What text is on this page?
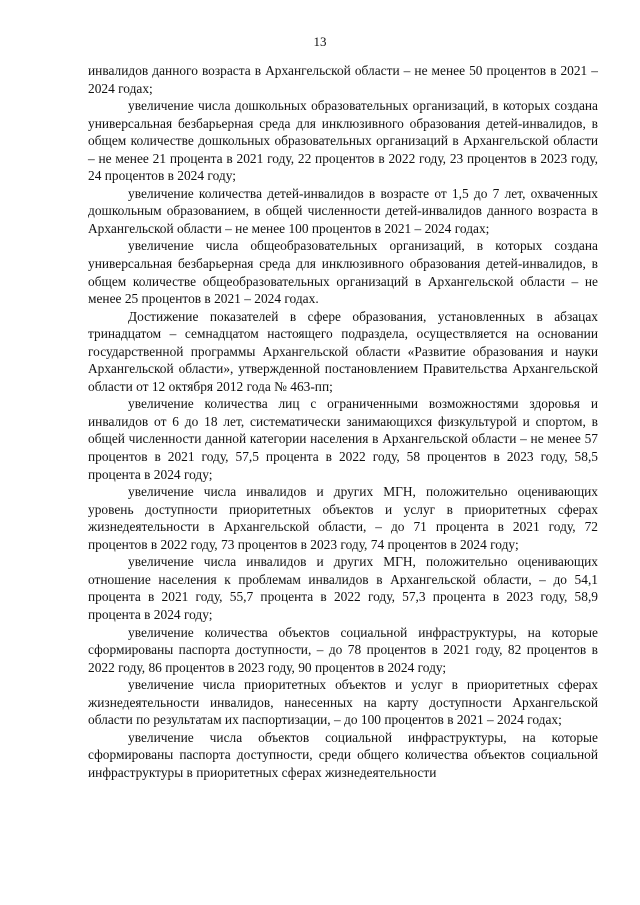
13

инвалидов данного возраста в Архангельской области – не менее 50 процентов в 2021 – 2024 годах;

увеличение числа дошкольных образовательных организаций, в которых создана универсальная безбарьерная среда для инклюзивного образования детей-инвалидов, в общем количестве дошкольных образовательных организаций в Архангельской области – не менее 21 процента в 2021 году, 22 процентов в 2022 году, 23 процентов в 2023 году, 24 процентов в 2024 году;

увеличение количества детей-инвалидов в возрасте от 1,5 до 7 лет, охваченных дошкольным образованием, в общей численности детей-инвалидов данного возраста в Архангельской области – не менее 100 процентов в 2021 – 2024 годах;

увеличение числа общеобразовательных организаций, в которых создана универсальная безбарьерная среда для инклюзивного образования детей-инвалидов, в общем количестве общеобразовательных организаций в Архангельской области – не менее 25 процентов в 2021 – 2024 годах.

Достижение показателей в сфере образования, установленных в абзацах тринадцатом – семнадцатом настоящего подраздела, осуществляется на основании государственной программы Архангельской области «Развитие образования и науки Архангельской области», утвержденной постановлением Правительства Архангельской области от 12 октября 2012 года № 463-пп;

увеличение количества лиц с ограниченными возможностями здоровья и инвалидов от 6 до 18 лет, систематически занимающихся физкультурой и спортом, в общей численности данной категории населения в Архангельской области – не менее 57 процентов в 2021 году, 57,5 процента в 2022 году, 58 процентов в 2023 году, 58,5 процента в 2024 году;

увеличение числа инвалидов и других МГН, положительно оценивающих уровень доступности приоритетных объектов и услуг в приоритетных сферах жизнедеятельности в Архангельской области, – до 71 процента в 2021 году, 72 процентов в 2022 году, 73 процентов в 2023 году, 74 процентов в 2024 году;

увеличение числа инвалидов и других МГН, положительно оценивающих отношение населения к проблемам инвалидов в Архангельской области, – до 54,1 процента в 2021 году, 55,7 процента в 2022 году, 57,3 процента в 2023 году, 58,9 процента в 2024 году;

увеличение количества объектов социальной инфраструктуры, на которые сформированы паспорта доступности, – до 78 процентов в 2021 году, 82 процентов в 2022 году, 86 процентов в 2023 году, 90 процентов в 2024 году;

увеличение числа приоритетных объектов и услуг в приоритетных сферах жизнедеятельности инвалидов, нанесенных на карту доступности Архангельской области по результатам их паспортизации, – до 100 процентов в 2021 – 2024 годах;

увеличение числа объектов социальной инфраструктуры, на которые сформированы паспорта доступности, среди общего количества объектов социальной инфраструктуры в приоритетных сферах жизнедеятельности
